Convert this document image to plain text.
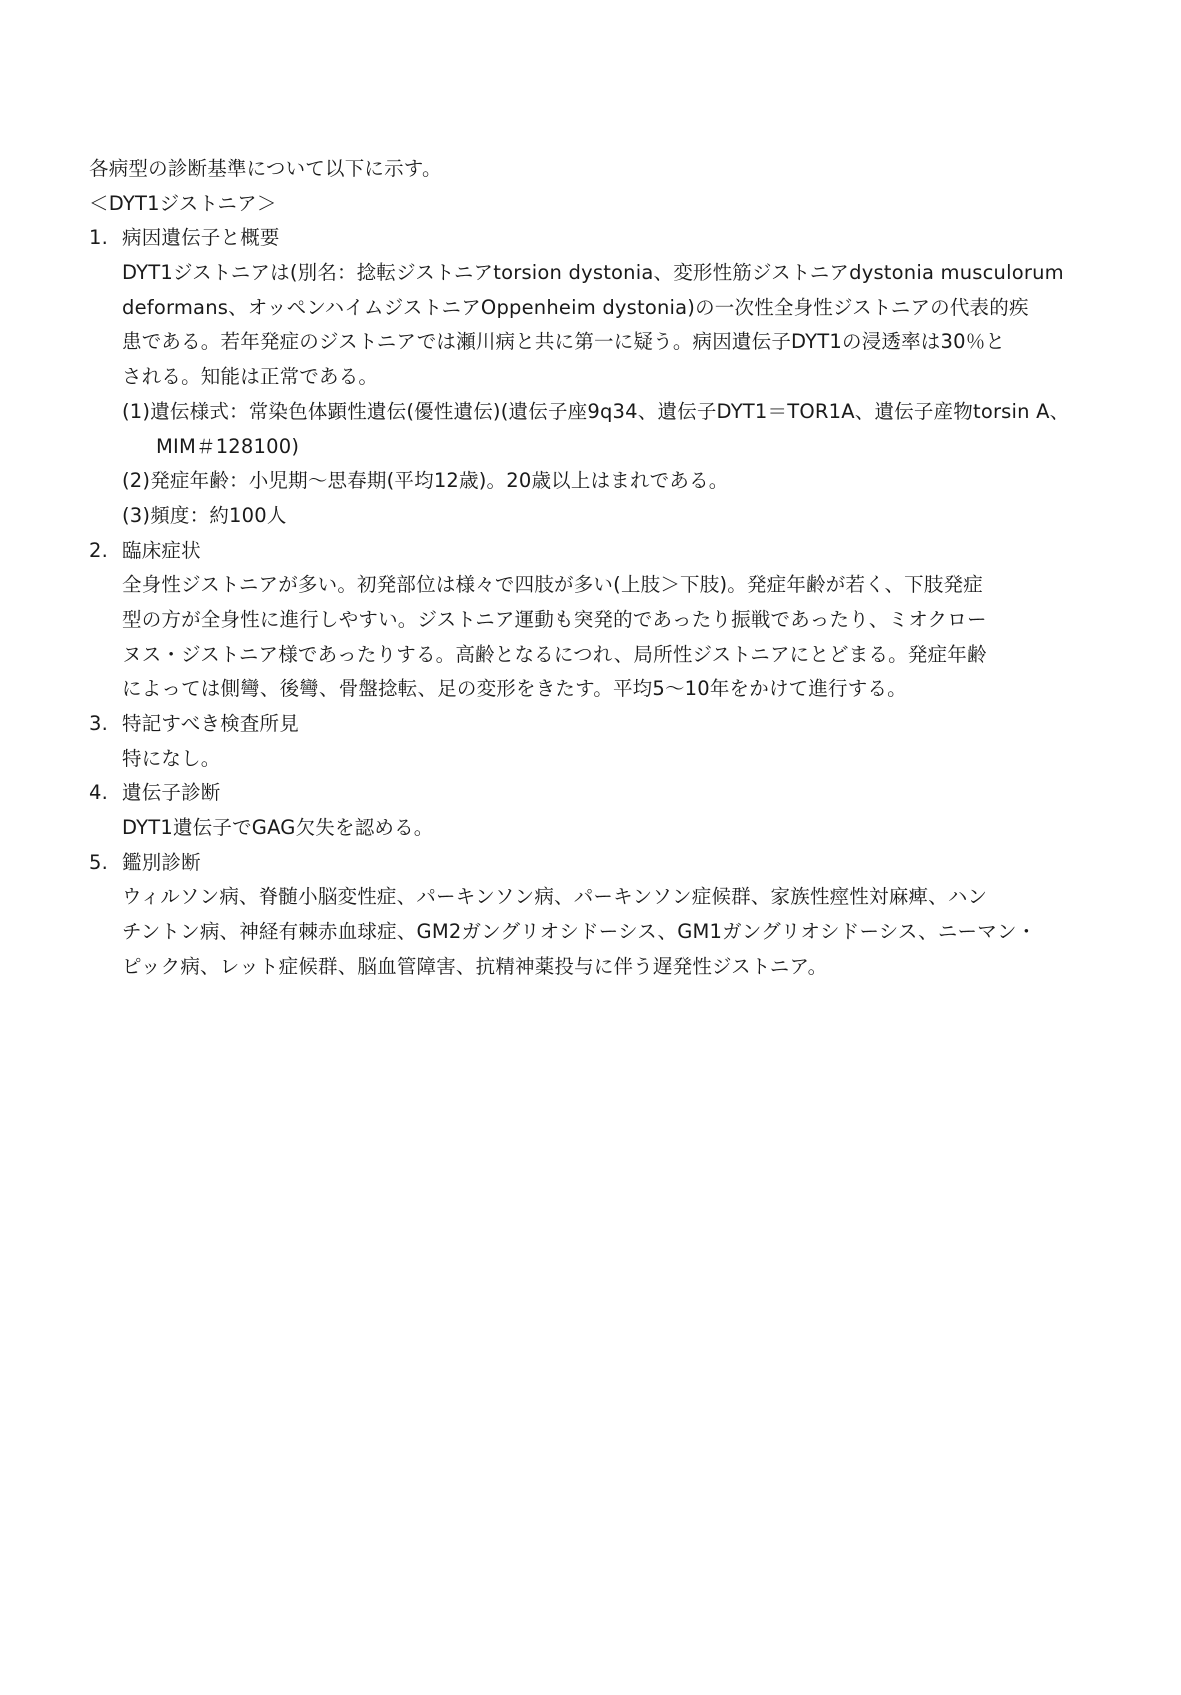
各病型の診断基準について以下に示す。
＜DYT1ジストニア＞
1. 病因遺伝子と概要
DYT1ジストニアは(別名：捻転ジストニアtorsion dystonia、変形性筋ジストニアdystonia musculorum
deformans、オッペンハイムジストニアOppenheim dystonia)の一次性全身性ジストニアの代表的疾
患である。若年発症のジストニアでは瀬川病と共に第一に疑う。病因遺伝子DYT1の浸透率は30％と
される。知能は正常である。
(1)遺伝様式：常染色体顕性遺伝(優性遺伝)(遺伝子座9q34、遺伝子DYT1＝TOR1A、遺伝子産物torsin A、
MIM＃128100)
(2)発症年齢：小児期～思春期(平均12歳)。20歳以上はまれである。
(3)頻度：約100人
2. 臨床症状
全身性ジストニアが多い。初発部位は様々で四肢が多い(上肢＞下肢)。発症年齢が若く、下肢発症
型の方が全身性に進行しやすい。ジストニア運動も突発的であったり振戦であったり、ミオクロー
ヌス・ジストニア様であったりする。高齢となるにつれ、局所性ジストニアにとどまる。発症年齢
によっては側彎、後彎、骨盤捻転、足の変形をきたす。平均5～10年をかけて進行する。
3. 特記すべき検査所見
特になし。
4. 遺伝子診断
DYT1遺伝子でGAG欠失を認める。
5. 鑑別診断
ウィルソン病、脊髄小脳変性症、パーキンソン病、パーキンソン症候群、家族性痙性対麻痺、ハン
チントン病、神経有棘赤血球症、GM2ガングリオシドーシス、GM1ガングリオシドーシス、ニーマン・
ピック病、レット症候群、脳血管障害、抗精神薬投与に伴う遅発性ジストニア。
